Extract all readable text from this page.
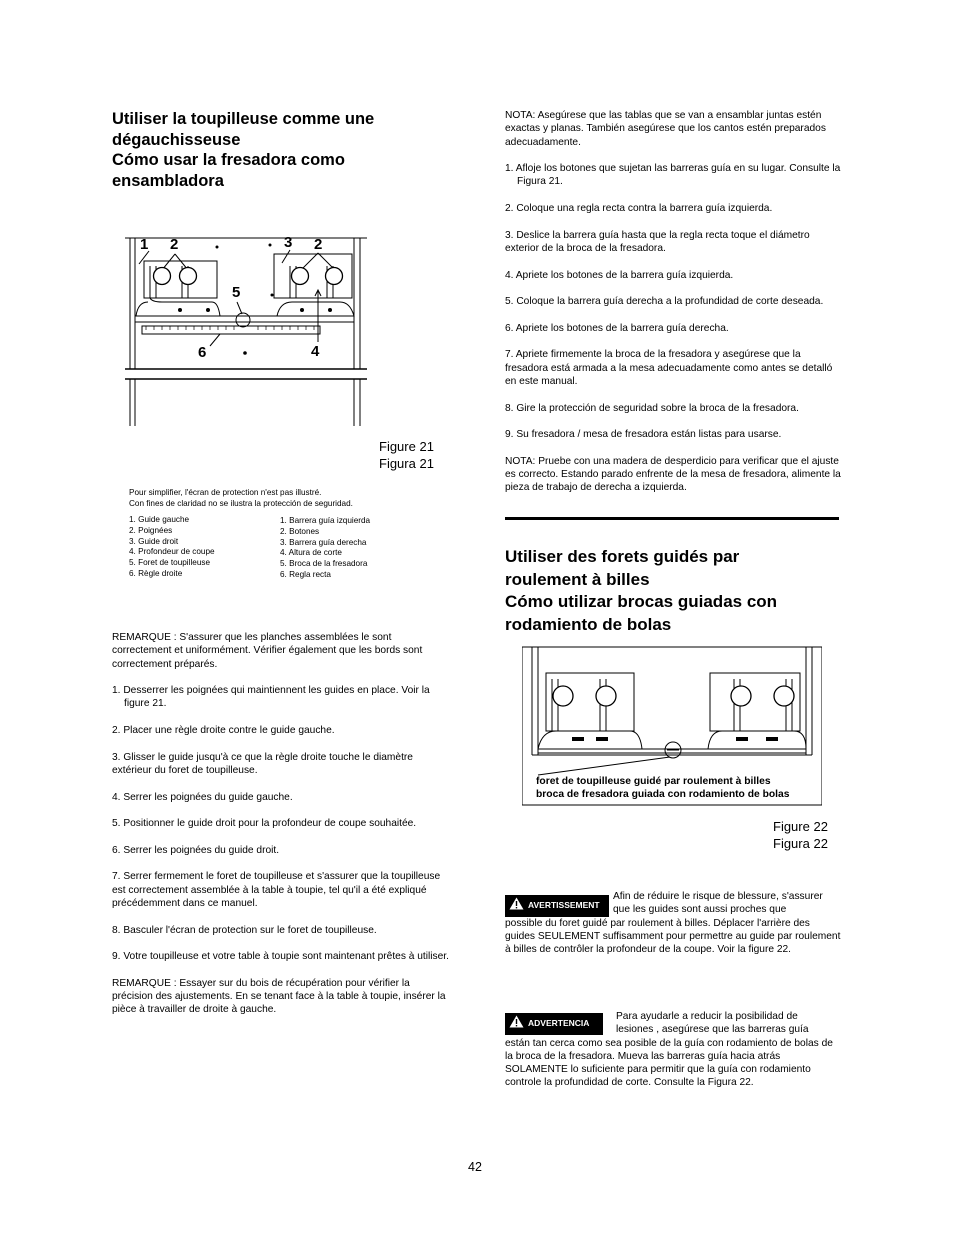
Utiliser la toupilleuse comme une
dégauchisseuse
Cómo usar la fresadora como
ensambladora
1 2	3 2
5
6	4
Figure 21
Figura 21
Pour simplifier, l'écran de protection n'est pas illustré.
Con fines de claridad no se ilustra la protección de seguridad.
1. Guide gauche
2. Poignées
3. Guide droit
4. Profondeur de coupe
5. Foret de toupilleuse
6. Règle droite
1. Barrera guía izquierda
2. Botones
3. Barrera guía derecha
4. Altura de corte
5. Broca de la fresadora
6. Regla recta

REMARQUE : S'assurer que les planches assemblées le sont correctement et uniformément. Vérifier également que les bords sont correctement préparés.

1. Desserrer les poignées qui maintiennent les guides en place. Voir la figure 21.

2. Placer une règle droite contre le guide gauche.

3. Glisser le guide jusqu'à ce que la règle droite touche le diamètre extérieur du foret de toupilleuse.

4. Serrer les poignées du guide gauche.

5. Positionner le guide droit pour la profondeur de coupe souhaitée.

6. Serrer les poignées du guide droit.

7. Serrer fermement le foret de toupilleuse et s'assurer que la toupilleuse est correctement assemblée à la table à toupie, tel qu'il a été expliqué précédemment dans ce manuel.

8. Basculer l'écran de protection sur le foret de toupilleuse.

9. Votre toupilleuse et votre table à toupie sont maintenant prêtes à utiliser.

REMARQUE : Essayer sur du bois de récupération pour vérifier la précision des ajustements. En se tenant face à la table à toupie, insérer la pièce à travailler de droite à gauche.

NOTA: Asegúrese que las tablas que se van a ensamblar juntas estén exactas y planas. También asegúrese que los cantos estén preparados adecuadamente.

1. Afloje los botones que sujetan las barreras guía en su lugar. Consulte la Figura 21.

2. Coloque una regla recta contra la barrera guía izquierda.

3. Deslice la barrera guía hasta que la regla recta toque el diámetro exterior de la broca de la fresadora.

4. Apriete los botones de la barrera guía izquierda.

5. Coloque la barrera guía derecha a la profundidad de corte deseada.

6. Apriete los botones de la barrera guía derecha.

7. Apriete firmemente la broca de la fresadora y asegúrese que la fresadora está armada a la mesa adecuadamente como antes se detalló en este manual.

8. Gire la protección de seguridad sobre la broca de la fresadora.

9. Su fresadora / mesa de fresadora están listas para usarse.

NOTA: Pruebe con una madera de desperdicio para verificar que el ajuste es correcto. Estando parado enfrente de la mesa de fresadora, alimente la pieza de trabajo de derecha a izquierda.

Utiliser des forets guidés par
roulement à billes
Cómo utilizar brocas guiadas con
rodamiento de bolas
foret de toupilleuse guidé par roulement à billes
broca de fresadora guiada con rodamiento de bolas
Figure 22
Figura 22
AVERTISSEMENT
Afin de réduire le risque de blessure, s'assurer
que les guides sont aussi proches que
possible du foret guidé par roulement à billes. Déplacer l'arrière des guides SEULEMENT suffisamment pour permettre au guide par roulement à billes de contrôler la profondeur de la coupe. Voir la figure 22.
ADVERTENCIA
Para ayudarle a reducir la posibilidad de
lesiones , asegúrese que las barreras guía
están tan cerca como sea posible de la guía con rodamiento de bolas de la broca de la fresadora. Mueva las barreras guía hacia atrás SOLAMENTE lo suficiente para permitir que la guía con rodamiento controle la profundidad de corte. Consulte la Figura 22.
42
